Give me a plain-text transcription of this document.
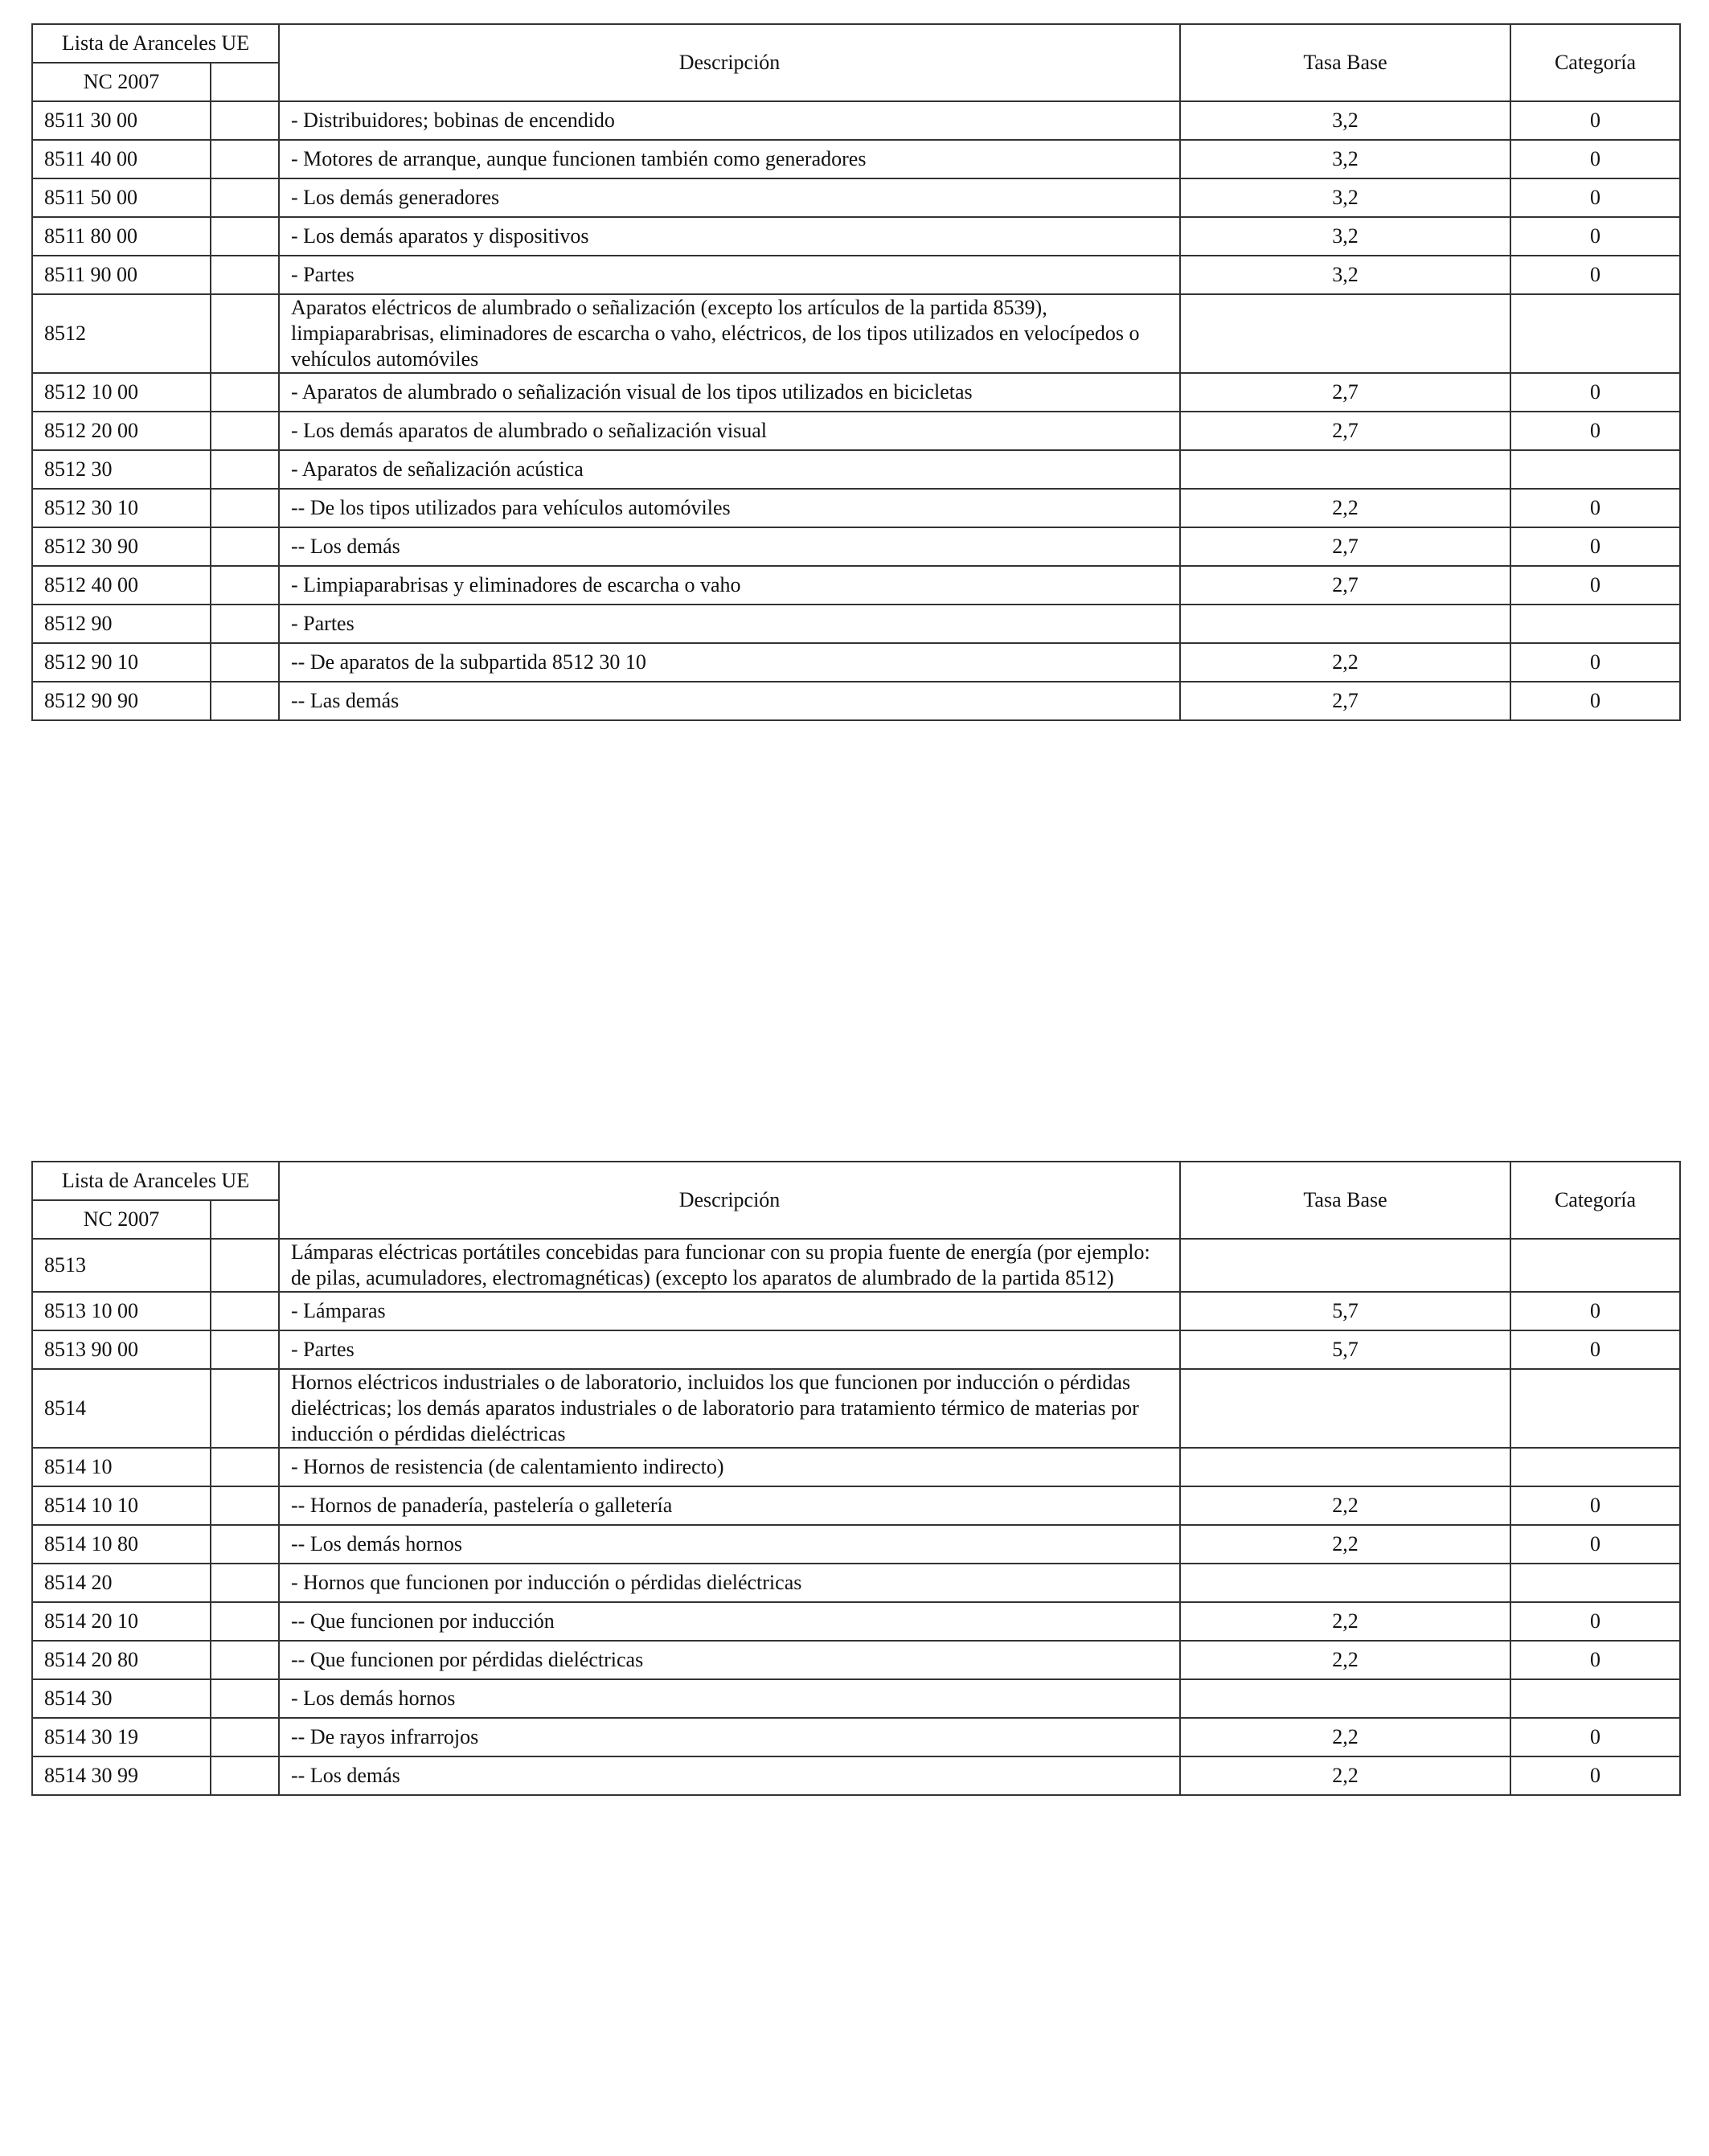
Lista de Aranceles UE		Descripción	Tasa Base	Categoría
NC 2007				
8511 30 00		- Distribuidores; bobinas de encendido	3,2	0
8511 40 00		- Motores de arranque, aunque funcionen también como generadores	3,2	0
8511 50 00		- Los demás generadores	3,2	0
8511 80 00		- Los demás aparatos y dispositivos	3,2	0
8511 90 00		- Partes	3,2	0
8512		Aparatos eléctricos de alumbrado o señalización (excepto los artículos de la partida 8539), limpiaparabrisas, eliminadores de escarcha o vaho, eléctricos, de los tipos utilizados en velocípedos o vehículos automóviles		
8512 10 00		- Aparatos de alumbrado o señalización visual de los tipos utilizados en bicicletas	2,7	0
8512 20 00		- Los demás aparatos de alumbrado o señalización visual	2,7	0
8512 30		- Aparatos de señalización acústica		
8512 30 10		-- De los tipos utilizados para vehículos automóviles	2,2	0
8512 30 90		-- Los demás	2,7	0
8512 40 00		- Limpiaparabrisas y eliminadores de escarcha o vaho	2,7	0
8512 90		- Partes		
8512 90 10		-- De aparatos de la subpartida 8512 30 10	2,2	0
8512 90 90		-- Las demás	2,7	0
Lista de Aranceles UE		Descripción	Tasa Base	Categoría
NC 2007				
8513		Lámparas eléctricas portátiles concebidas para funcionar con su propia fuente de energía (por ejemplo: de pilas, acumuladores, electromagnéticas) (excepto los aparatos de alumbrado de la partida 8512)		
8513 10 00		- Lámparas	5,7	0
8513 90 00		- Partes	5,7	0
8514		Hornos eléctricos industriales o de laboratorio, incluidos los que funcionen por inducción o pérdidas dieléctricas; los demás aparatos industriales o de laboratorio para tratamiento térmico de materias por inducción o pérdidas dieléctricas		
8514 10		- Hornos de resistencia (de calentamiento indirecto)		
8514 10 10		-- Hornos de panadería, pastelería o galletería	2,2	0
8514 10 80		-- Los demás hornos	2,2	0
8514 20		- Hornos que funcionen por inducción o pérdidas dieléctricas		
8514 20 10		-- Que funcionen por inducción	2,2	0
8514 20 80		-- Que funcionen por pérdidas dieléctricas	2,2	0
8514 30		- Los demás hornos		
8514 30 19		-- De rayos infrarrojos	2,2	0
8514 30 99		-- Los demás	2,2	0
